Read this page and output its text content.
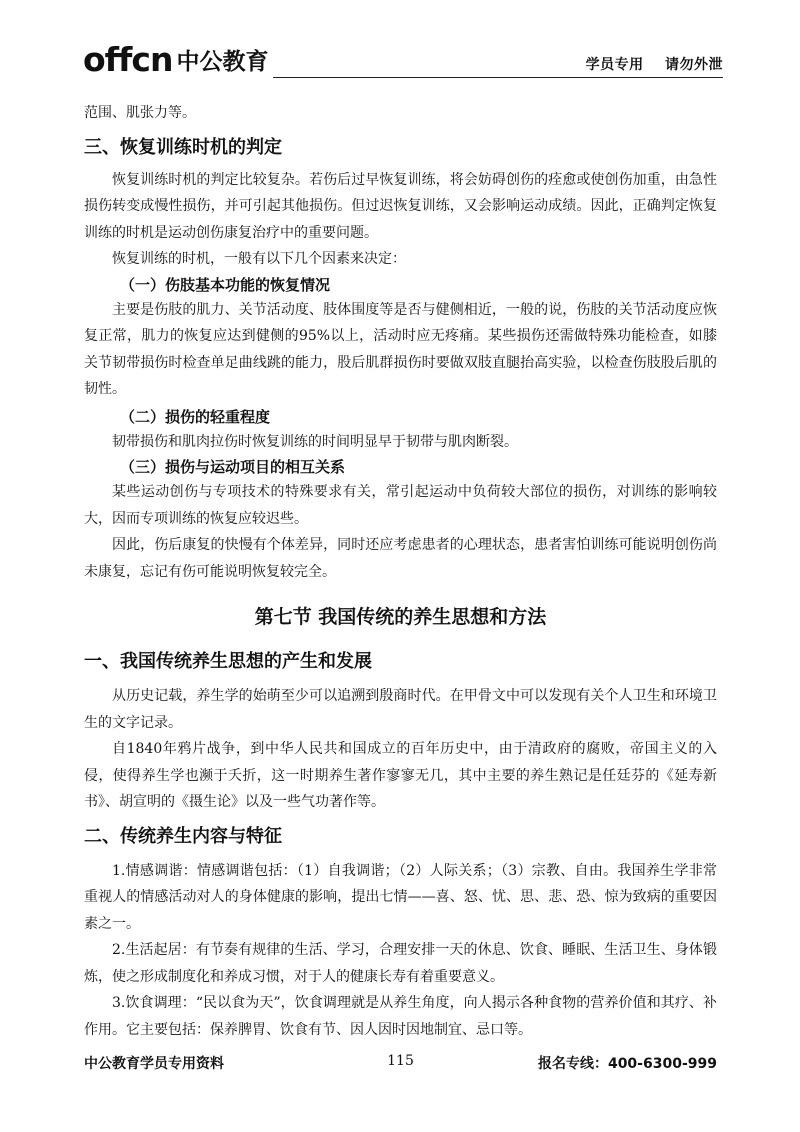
offcn 中公教育	学员专用 请勿外泄

范围、肌张力等。

三、恢复训练时机的判定

恢复训练时机的判定比较复杂。若伤后过早恢复训练，将会妨碍创伤的痊愈或使创伤加重，由急性损伤转变成慢性损伤，并可引起其他损伤。但过迟恢复训练，又会影响运动成绩。因此，正确判定恢复训练的时机是运动创伤康复治疗中的重要问题。

恢复训练的时机，一般有以下几个因素来决定：

（一）伤肢基本功能的恢复情况

主要是伤肢的肌力、关节活动度、肢体围度等是否与健侧相近，一般的说，伤肢的关节活动度应恢复正常，肌力的恢复应达到健侧的95%以上，活动时应无疼痛。某些损伤还需做特殊功能检查，如膝关节韧带损伤时检查单足曲线跳的能力，股后肌群损伤时要做双肢直腿抬高实验，以检查伤肢股后肌的韧性。

（二）损伤的轻重程度

韧带损伤和肌肉拉伤时恢复训练的时间明显早于韧带与肌肉断裂。

（三）损伤与运动项目的相互关系

某些运动创伤与专项技术的特殊要求有关，常引起运动中负荷较大部位的损伤，对训练的影响较大，因而专项训练的恢复应较迟些。

因此，伤后康复的快慢有个体差异，同时还应考虑患者的心理状态，患者害怕训练可能说明创伤尚未康复，忘记有伤可能说明恢复较完全。

第七节 我国传统的养生思想和方法
一、我国传统养生思想的产生和发展

从历史记载，养生学的始萌至少可以追溯到殷商时代。在甲骨文中可以发现有关个人卫生和环境卫生的文字记录。

自1840年鸦片战争，到中华人民共和国成立的百年历史中，由于清政府的腐败，帝国主义的入侵，使得养生学也濒于夭折，这一时期养生著作寥寥无几，其中主要的养生熟记是任廷芬的《延寿新书》、胡宣明的《摄生论》以及一些气功著作等。

二、传统养生内容与特征

1.情感调谐：情感调谐包括：（1）自我调谐；（2）人际关系；（3）宗教、自由。我国养生学非常重视人的情感活动对人的身体健康的影响，提出七情——喜、怒、忧、思、悲、恐、惊为致病的重要因素之一。

2.生活起居：有节奏有规律的生活、学习，合理安排一天的休息、饮食、睡眠、生活卫生、身体锻炼，使之形成制度化和养成习惯，对于人的健康长寿有着重要意义。

3.饮食调理：“民以食为天”，饮食调理就是从养生角度，向人揭示各种食物的营养价值和其疗、补作用。它主要包括：保养脾胃、饮食有节、因人因时因地制宜、忌口等。

中公教育学员专用资料	115	报名专线：400-6300-999
